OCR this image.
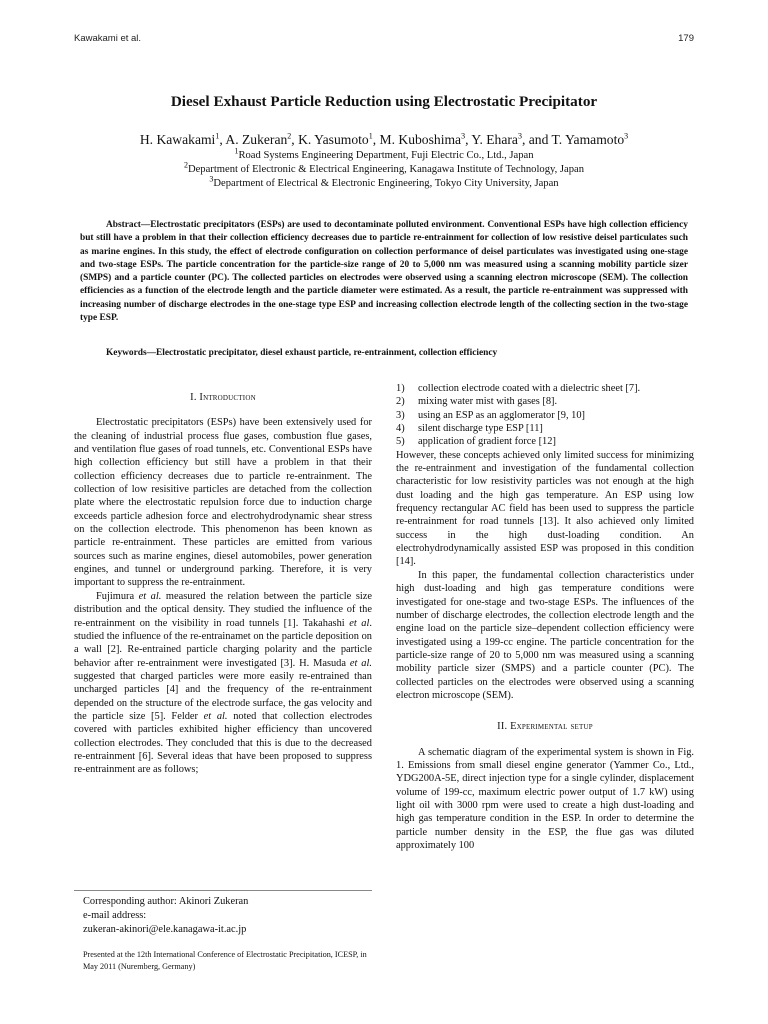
Kawakami et al.	179
Diesel Exhaust Particle Reduction using Electrostatic Precipitator
H. Kawakami$^1$, A. Zukeran$^2$, K. Yasumoto$^1$, M. Kuboshima$^3$, Y. Ehara$^3$, and T. Yamamoto$^3$
$^1$Road Systems Engineering Department, Fuji Electric Co., Ltd., Japan
$^2$Department of Electronic & Electrical Engineering, Kanagawa Institute of Technology, Japan
$^3$Department of Electrical & Electronic Engineering, Tokyo City University, Japan
Abstract—Electrostatic precipitators (ESPs) are used to decontaminate polluted environment. Conventional ESPs have high collection efficiency but still have a problem in that their collection efficiency decreases due to particle re-entrainment for collection of low resistive deisel particulates such as marine engines. In this study, the effect of electrode configuration on collection performance of deisel particulates was investigated using one-stage and two-stage ESPs. The particle concentration for the particle-size range of 20 to 5,000 nm was measured using a scanning mobility particle sizer (SMPS) and a particle counter (PC). The collected particles on electrodes were observed using a scanning electron microscope (SEM). The collection efficiencies as a function of the electrode length and the particle diameter were estimated. As a result, the particle re-entrainment was suppressed with increasing number of discharge electrodes in the one-stage type ESP and increasing collection electrode length of the collecting section in the two-stage type ESP.
Keywords—Electrostatic precipitator, diesel exhaust particle, re-entrainment, collection efficiency
I. Introduction

Electrostatic precipitators (ESPs) have been extensively used for the cleaning of industrial process flue gases, combustion flue gases, and ventilation flue gases of road tunnels, etc. Conventional ESPs have high collection efficiency but still have a problem in that their collection efficiency decreases due to particle re-entrainment. The collection of low resisitive particles are detached from the collection plate where the electrostatic repulsion force due to induction charge exceeds particle adhesion force and electrohydrodynamic shear stress on the collection electrode. This phenomenon has been known as particle re-entrainment. These particles are emitted from various sources such as marine engines, diesel automobiles, power generation engines, and tunnel or underground parking. Therefore, it is very important to suppress the re-entrainment.

Fujimura et al. measured the relation between the particle size distribution and the optical density. They studied the influence of the re-entrainment on the visibility in road tunnels [1]. Takahashi et al. studied the influence of the re-entrainamet on the particle deposition on a wall [2]. Re-entrained particle charging polarity and the particle behavior after re-entrainment were investigated [3]. H. Masuda et al. suggested that charged particles were more easily re-entrained than uncharged particles [4] and the frequency of the re-entrainment depended on the structure of the electrode surface, the gas velocity and the particle size [5]. Felder et al. noted that collection electrodes covered with particles exhibited higher efficiency than uncovered collection electrodes. They concluded that this is due to the decreased re-entrainment [6]. Several ideas that have been proposed to suppress re-entrainment are as follows;

1)	collection electrode coated with a dielectric sheet [7].
2)	mixing water mist with gases [8].
3)	using an ESP as an agglomerator [9, 10]
4)	silent discharge type ESP [11]
5)	application of gradient force [12]

However, these concepts achieved only limited success for minimizing the re-entrainment and investigation of the fundamental collection characteristic for low resistivity particles was not enough at the high dust loading and the high gas temperature. An ESP using low frequency rectangular AC field has been used to suppress the particle re-entrainment for road tunnels [13]. It also achieved only limited success in the high dust-loading condition. An electrohydrodynamically assisted ESP was proposed in this condition [14].

In this paper, the fundamental collection characteristics under high dust-loading and high gas temperature conditions were investigated for one-stage and two-stage ESPs. The influences of the number of discharge electrodes, the collection electrode length and the engine load on the particle size–dependent collection efficiency were investigated using a 199-cc engine. The particle concentration for the particle-size range of 20 to 5,000 nm was measured using a scanning mobility particle sizer (SMPS) and a particle counter (PC). The collected particles on the electrodes were observed using a scanning electron microscope (SEM).

II. Experimental setup

A schematic diagram of the experimental system is shown in Fig. 1. Emissions from small diesel engine generator (Yammer Co., Ltd., YDG200A-5E, direct injection type for a single cylinder, displacement volume of 199-cc, maximum electric power output of 1.7 kW) using light oil with 3000 rpm were used to create a high dust-loading and high gas temperature condition in the ESP. In order to determine the particle number density in the ESP, the flue gas was diluted approximately 100

Corresponding author: Akinori Zukeran
e-mail address:
zukeran-akinori@ele.kanagawa-it.ac.jp
Presented at the 12th International Conference of Electrostatic Precipitation, ICESP, in May 2011 (Nuremberg, Germany)
